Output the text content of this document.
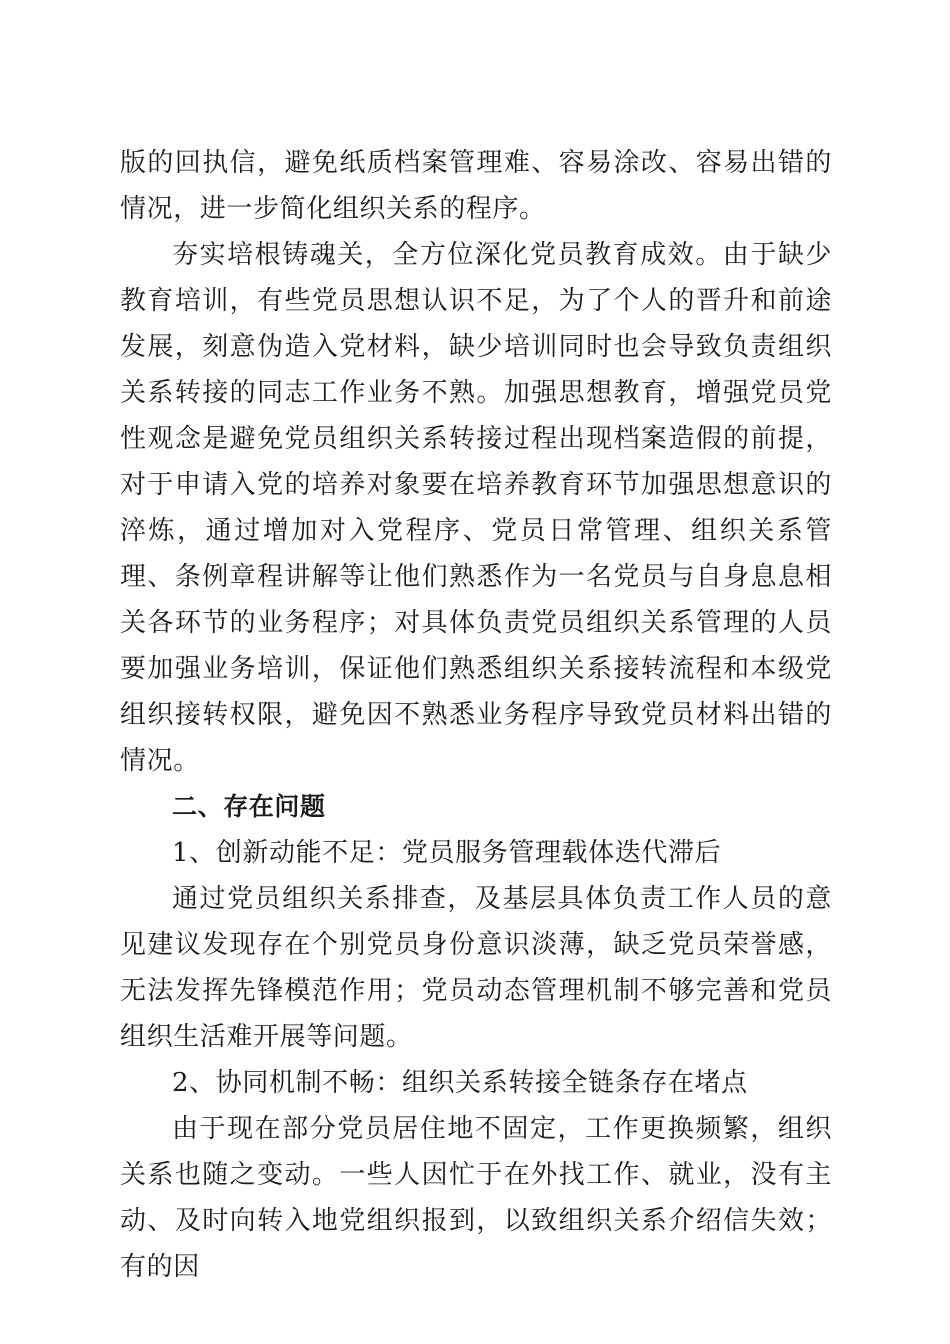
版的回执信，避免纸质档案管理难、容易涂改、容易出错的情况，进一步简化组织关系的程序。

夯实培根铸魂关，全方位深化党员教育成效。由于缺少教育培训，有些党员思想认识不足，为了个人的晋升和前途发展，刻意伪造入党材料，缺少培训同时也会导致负责组织关系转接的同志工作业务不熟。加强思想教育，增强党员党性观念是避免党员组织关系转接过程出现档案造假的前提，对于申请入党的培养对象要在培养教育环节加强思想意识的淬炼，通过增加对入党程序、党员日常管理、组织关系管理、条例章程讲解等让他们熟悉作为一名党员与自身息息相关各环节的业务程序；对具体负责党员组织关系管理的人员要加强业务培训，保证他们熟悉组织关系接转流程和本级党组织接转权限，避免因不熟悉业务程序导致党员材料出错的情况。

二、存在问题

1、创新动能不足：党员服务管理载体迭代滞后

通过党员组织关系排查，及基层具体负责工作人员的意见建议发现存在个别党员身份意识淡薄，缺乏党员荣誉感，无法发挥先锋模范作用；党员动态管理机制不够完善和党员组织生活难开展等问题。

2、协同机制不畅：组织关系转接全链条存在堵点

由于现在部分党员居住地不固定，工作更换频繁，组织关系也随之变动。一些人因忙于在外找工作、就业，没有主动、及时向转入地党组织报到，以致组织关系介绍信失效；有的因
